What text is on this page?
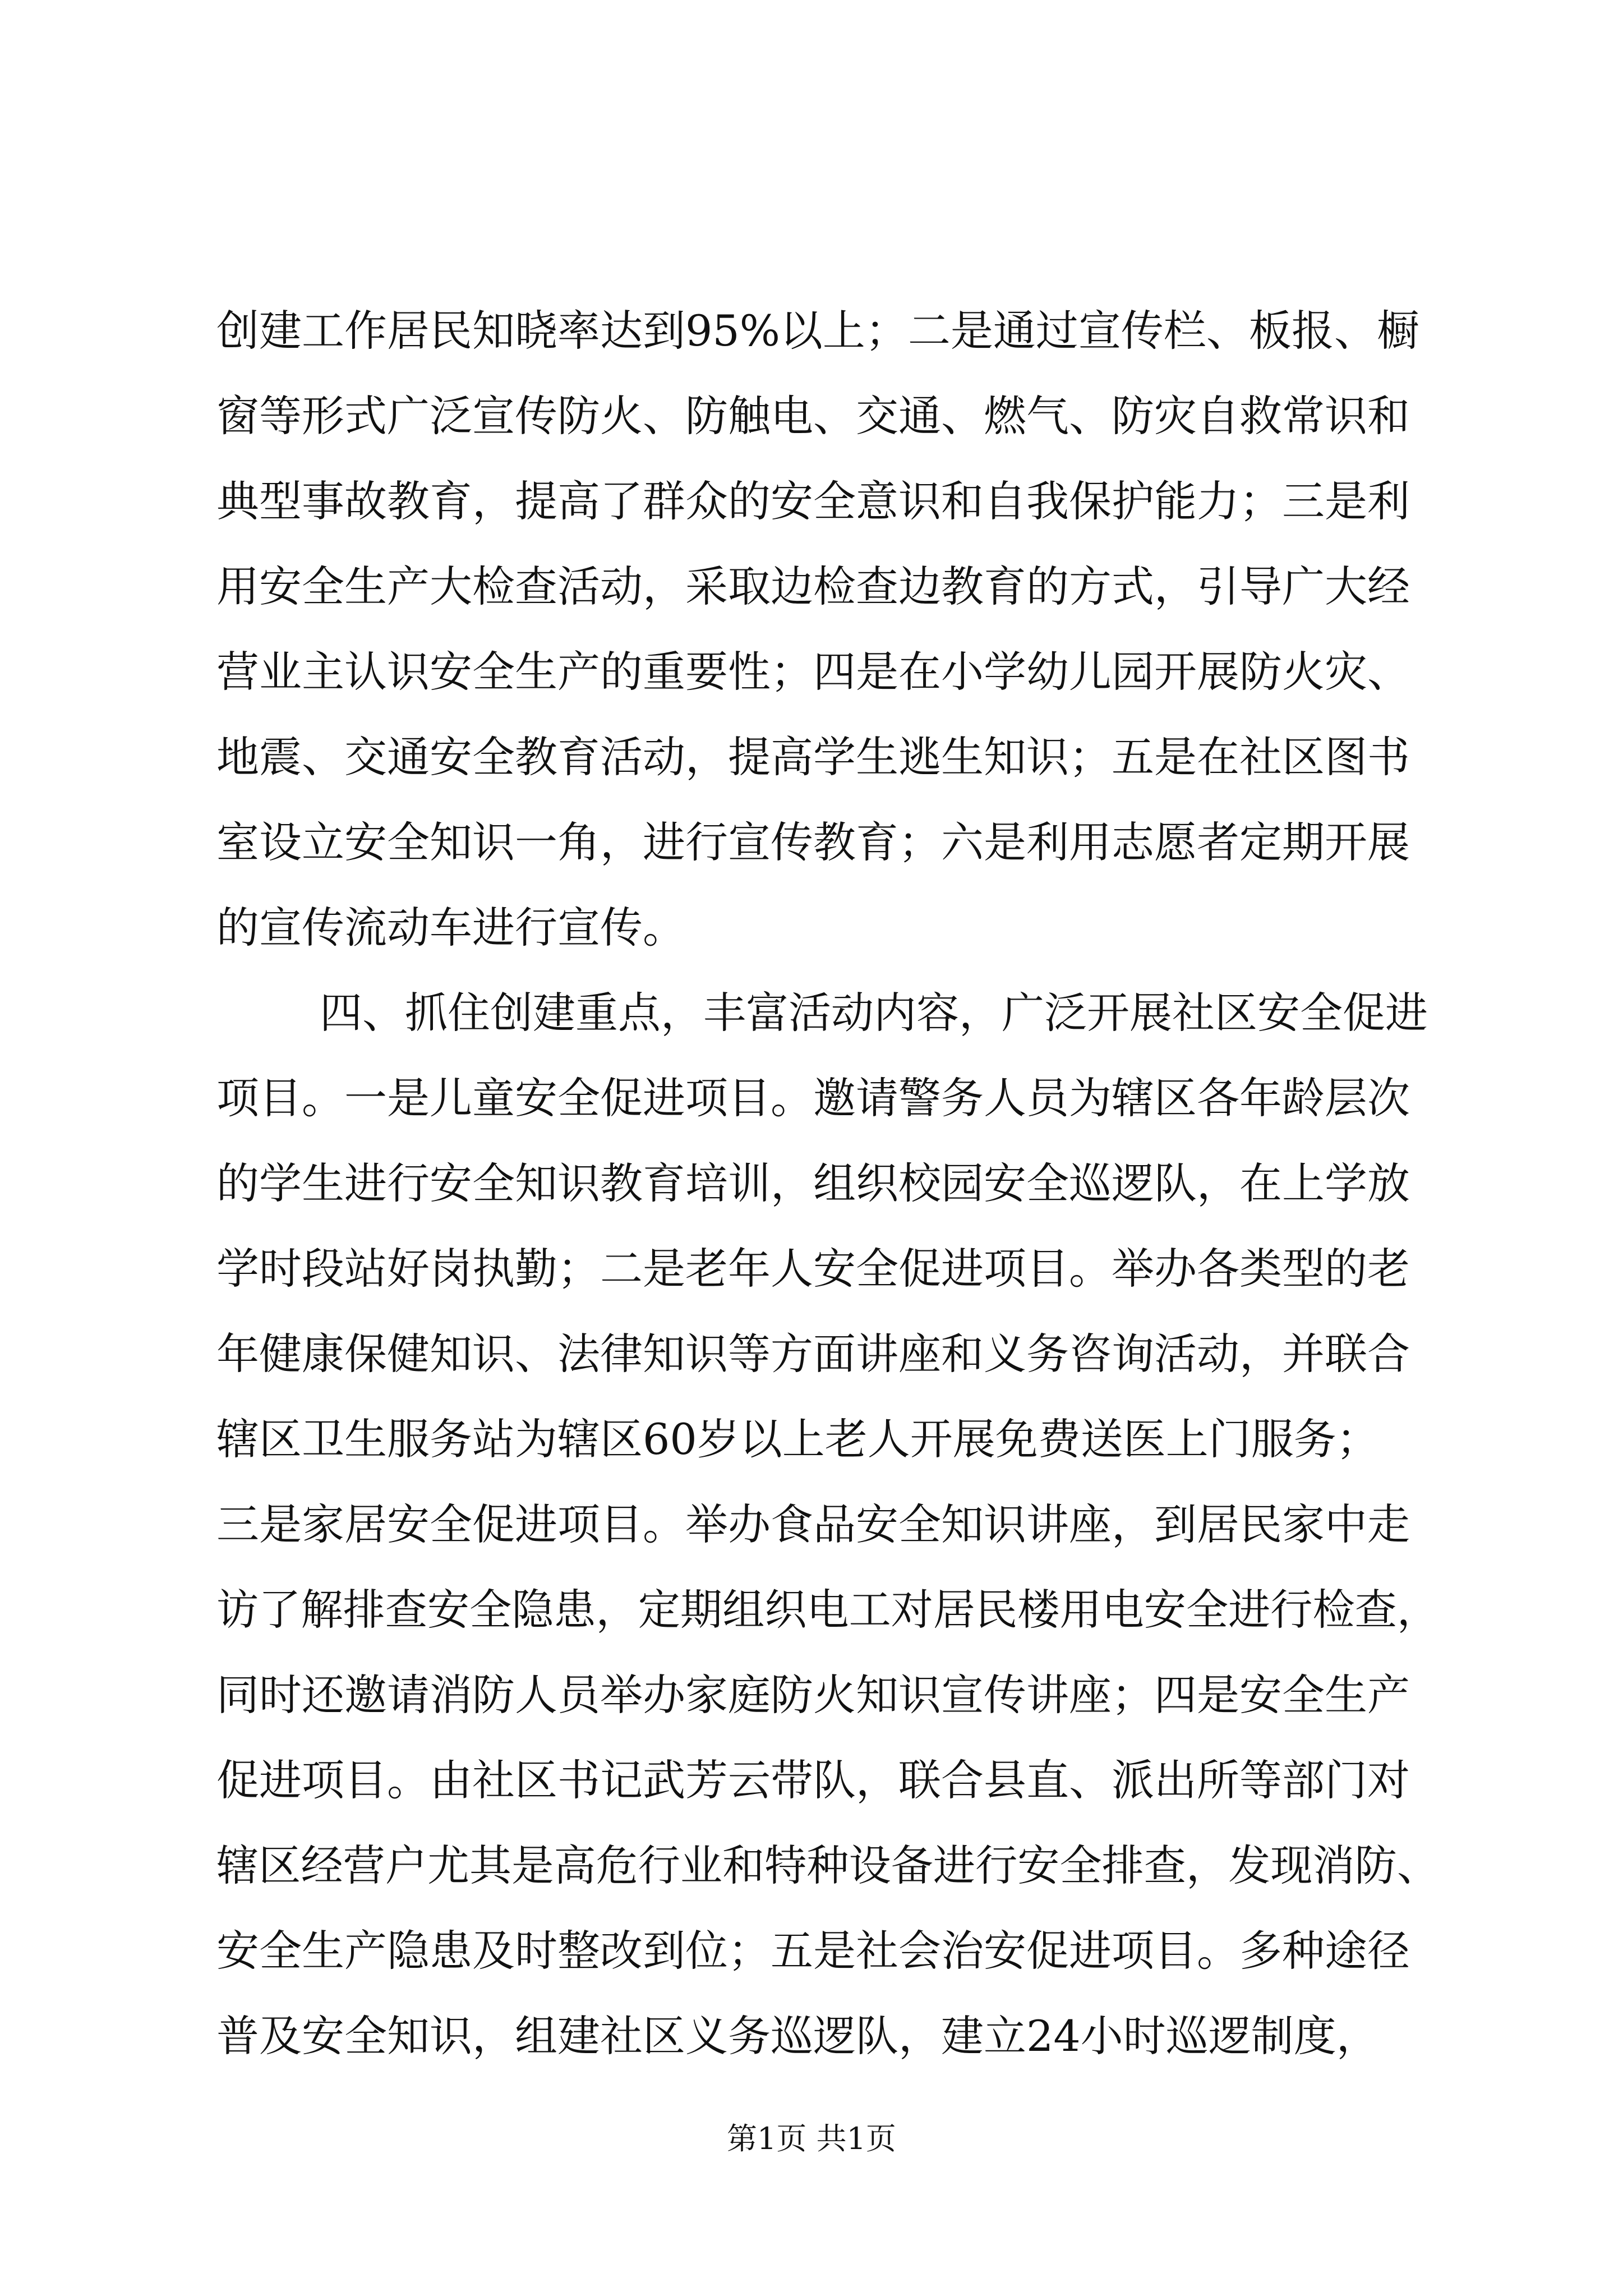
创建工作居民知晓率达到95%以上；二是通过宣传栏、板报、橱
窗等形式广泛宣传防火、防触电、交通、燃气、防灾自救常识和
典型事故教育，提高了群众的安全意识和自我保护能力；三是利
用安全生产大检查活动，采取边检查边教育的方式，引导广大经
营业主认识安全生产的重要性；四是在小学幼儿园开展防火灾、
地震、交通安全教育活动，提高学生逃生知识；五是在社区图书
室设立安全知识一角，进行宣传教育；六是利用志愿者定期开展
的宣传流动车进行宣传。
四、抓住创建重点，丰富活动内容，广泛开展社区安全促进
项目。一是儿童安全促进项目。邀请警务人员为辖区各年龄层次
的学生进行安全知识教育培训，组织校园安全巡逻队，在上学放
学时段站好岗执勤；二是老年人安全促进项目。举办各类型的老
年健康保健知识、法律知识等方面讲座和义务咨询活动，并联合
辖区卫生服务站为辖区60岁以上老人开展免费送医上门服务；
三是家居安全促进项目。举办食品安全知识讲座，到居民家中走
访了解排查安全隐患，定期组织电工对居民楼用电安全进行检查，
同时还邀请消防人员举办家庭防火知识宣传讲座；四是安全生产
促进项目。由社区书记武芳云带队，联合县直、派出所等部门对
辖区经营户尤其是高危行业和特种设备进行安全排查，发现消防、
安全生产隐患及时整改到位；五是社会治安促进项目。多种途径
普及安全知识，组建社区义务巡逻队，建立24小时巡逻制度，
第1页 共1页
